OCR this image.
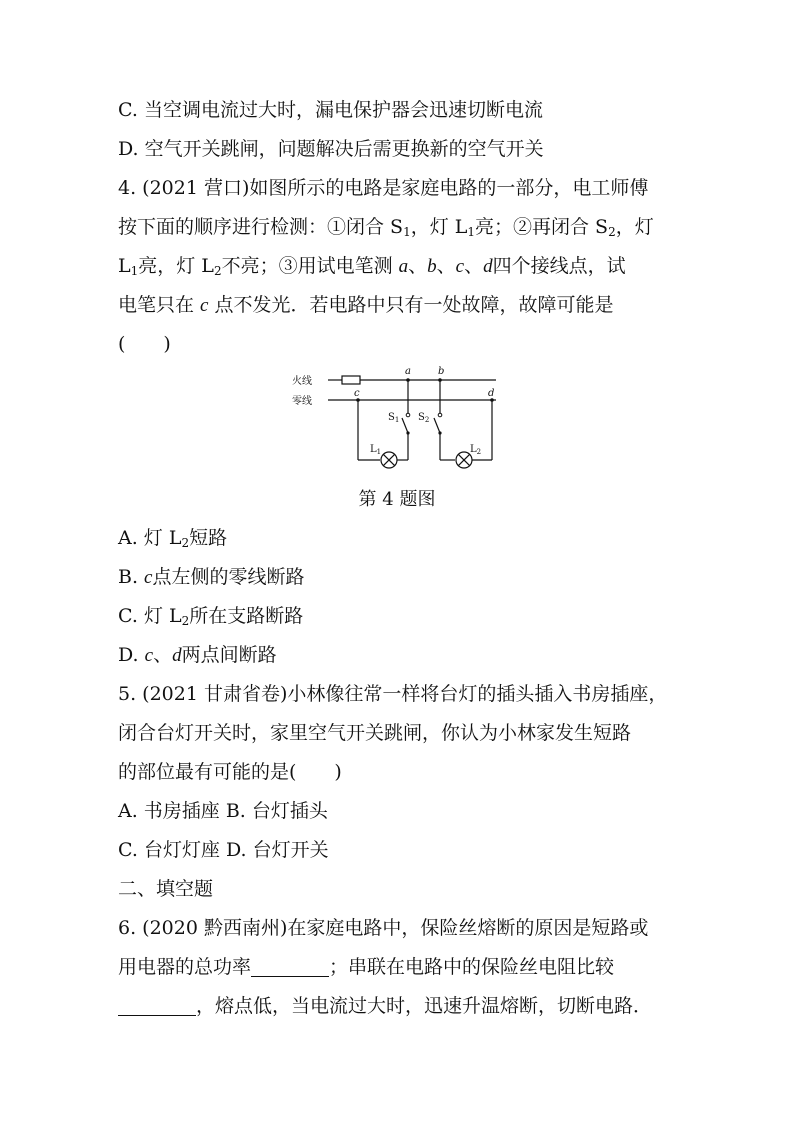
C. 当空调电流过大时，漏电保护器会迅速切断电流
D. 空气开关跳闸，问题解决后需更换新的空气开关
4. (2021 营口)如图所示的电路是家庭电路的一部分，电工师傅
按下面的顺序进行检测：①闭合 $S_1$，灯 $L_1$亮；②再闭合 $S_2$，灯
$L_1$亮，灯 $L_2$不亮；③用试电笔测 a、b、c、d四个接线点，试
电笔只在 c 点不发光．若电路中只有一处故障，故障可能是
(　　)
火线
零线
a	b
c	d
$S_1$ $S_2$
$L_1$	$L_2$
第 4 题图
A. 灯 $L_2$短路
B. c点左侧的零线断路
C. 灯 $L_2$所在支路断路
D. c、d两点间断路
5. (2021 甘肃省卷)小林像往常一样将台灯的插头插入书房插座，
闭合台灯开关时，家里空气开关跳闸，你认为小林家发生短路
的部位最有可能的是(　　)
A. 书房插座 B. 台灯插头
C. 台灯灯座 D. 台灯开关
二、填空题
6. (2020 黔西南州)在家庭电路中，保险丝熔断的原因是短路或
用电器的总功率	；串联在电路中的保险丝电阻比较
，熔点低，当电流过大时，迅速升温熔断，切断电路．
